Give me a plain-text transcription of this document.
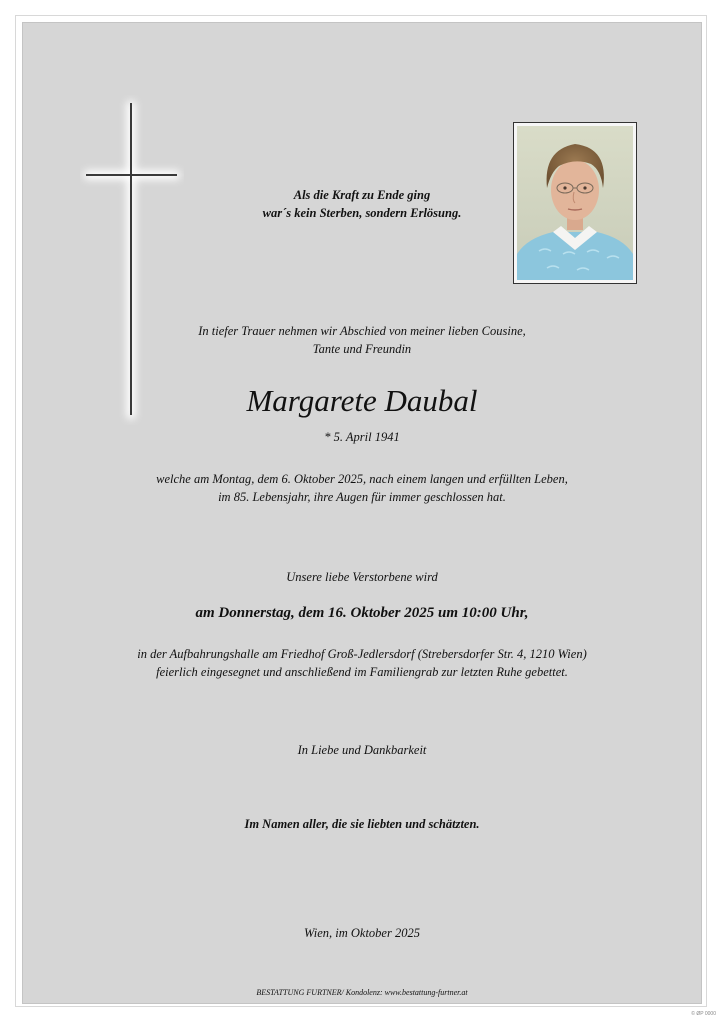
Als die Kraft zu Ende ging
war´s kein Sterben, sondern Erlösung.
In tiefer Trauer nehmen wir Abschied von meiner lieben Cousine,
Tante und Freundin
Margarete Daubal
* 5. April 1941
welche am Montag, dem 6. Oktober 2025, nach einem langen und erfüllten Leben,
im 85. Lebensjahr, ihre Augen für immer geschlossen hat.
Unsere liebe Verstorbene wird
am Donnerstag, dem 16. Oktober 2025 um 10:00 Uhr,
in der Aufbahrungshalle am Friedhof Groß-Jedlersdorf (Strebersdorfer Str. 4, 1210 Wien)
feierlich eingesegnet und anschließend im Familiengrab zur letzten Ruhe gebettet.
In Liebe und Dankbarkeit
Im Namen aller, die sie liebten und schätzten.
Wien, im Oktober 2025
BESTATTUNG FURTNER/ Kondolenz: www.bestattung-furtner.at
© ØP 0000
